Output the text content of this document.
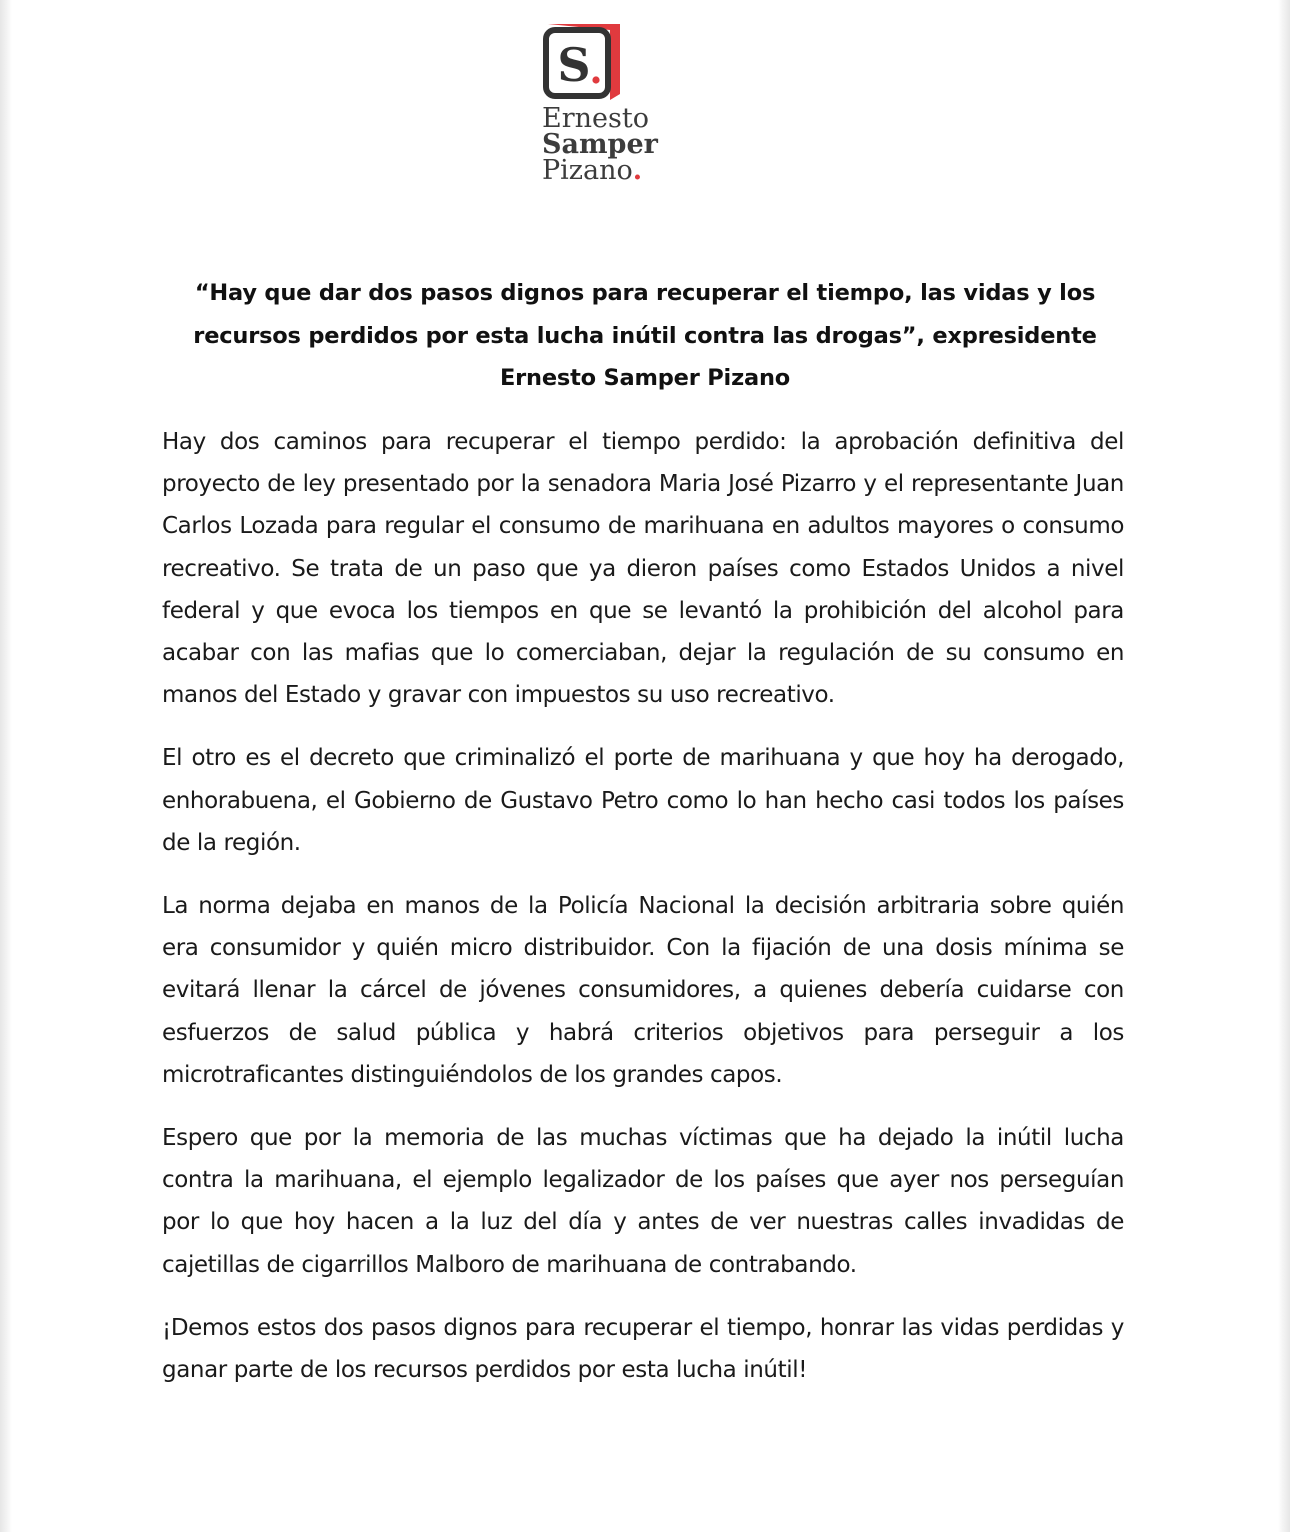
S
Ernesto
Samper
Pizano.
“Hay que dar dos pasos dignos para recuperar el tiempo, las vidas y los recursos perdidos por esta lucha inútil contra las drogas”, expresidente Ernesto Samper Pizano

Hay dos caminos para recuperar el tiempo perdido: la aprobación definitiva del proyecto de ley presentado por la senadora Maria José Pizarro y el representante Juan Carlos Lozada para regular el consumo de marihuana en adultos mayores o consumo recreativo. Se trata de un paso que ya dieron países como Estados Unidos a nivel federal y que evoca los tiempos en que se levantó la prohibición del alcohol para acabar con las mafias que lo comerciaban, dejar la regulación de su consumo en manos del Estado y gravar con impuestos su uso recreativo.

El otro es el decreto que criminalizó el porte de marihuana y que hoy ha derogado, enhorabuena, el Gobierno de Gustavo Petro como lo han hecho casi todos los países de la región.

La norma dejaba en manos de la Policía Nacional la decisión arbitraria sobre quién era consumidor y quién micro distribuidor. Con la fijación de una dosis mínima se evitará llenar la cárcel de jóvenes consumidores, a quienes debería cuidarse con esfuerzos de salud pública y habrá criterios objetivos para perseguir a los microtraficantes distinguiéndolos de los grandes capos.

Espero que por la memoria de las muchas víctimas que ha dejado la inútil lucha contra la marihuana, el ejemplo legalizador de los países que ayer nos perseguían por lo que hoy hacen a la luz del día y antes de ver nuestras calles invadidas de cajetillas de cigarrillos Malboro de marihuana de contrabando.

¡Demos estos dos pasos dignos para recuperar el tiempo, honrar las vidas perdidas y ganar parte de los recursos perdidos por esta lucha inútil!
